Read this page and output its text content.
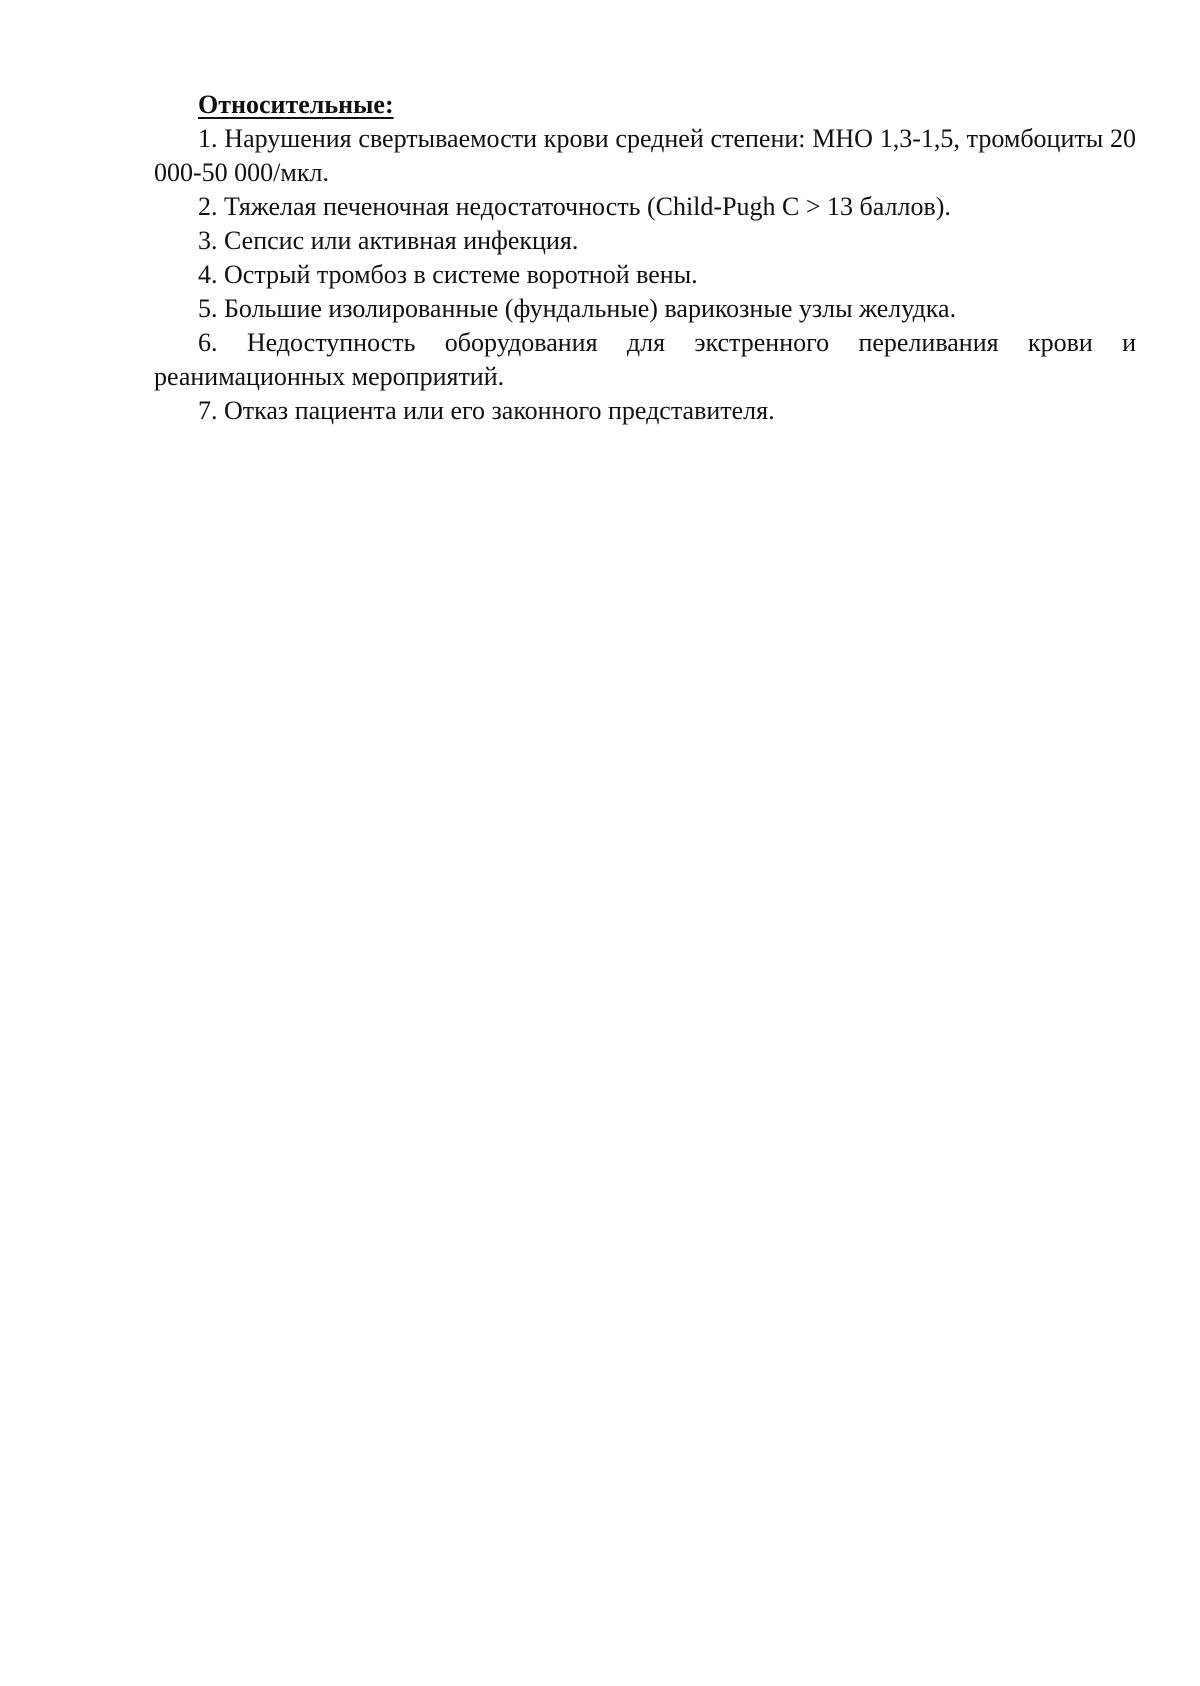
Относительные:
1. Нарушения свертываемости крови средней степени: МНО 1,3-1,5, тромбоциты 20 000-50 000/мкл.
2. Тяжелая печеночная недостаточность (Child-Pugh C > 13 баллов).
3. Сепсис или активная инфекция.
4. Острый тромбоз в системе воротной вены.
5. Большие изолированные (фундальные) варикозные узлы желудка.
6. Недоступность оборудования для экстренного переливания крови и реанимационных мероприятий.
7. Отказ пациента или его законного представителя.
